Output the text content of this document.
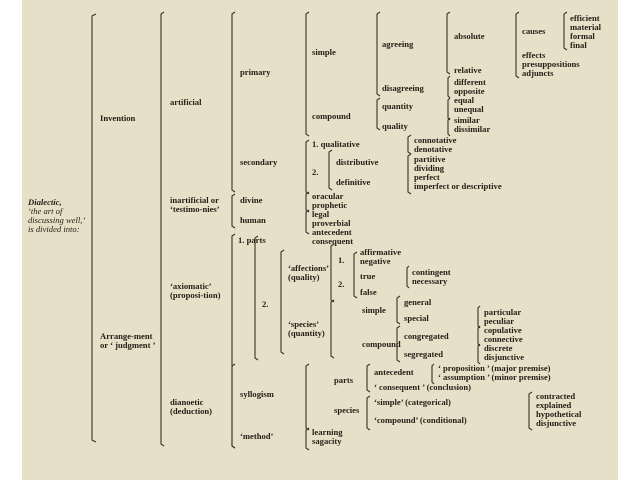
Dialectic,
‘the art of discussing well,’ is divided into:
Invention
Arrange-ment or ‘ judgment ’
artificial
primary
simple
agreeing
absolute	causes
efficient
material
formal
final
effects
presuppositions
adjuncts
relative
disagreeing
different
opposite
compound
quantity
equal
unequal
quality
similar
dissimilar
secondary
1. qualitative	connotative
denotative
2.
distributive
definitive
partitive
dividing
perfect
imperfect or descriptive
inartificial or ‘testimo-nies’
divine	oracular
prophetic
human
legal
proverbial
antecedent
consequent
‘axiomatic’ (proposi-tion)
1. parts
2.
‘affections’ (quality)
1.
affirmative
negative
true	contingent
necessary
2.
false
‘species’ (quantity)
simple
general
special
particular
peculiar
compound
congregated
copulative
connective
segregated
discrete
disjunctive
dianoetic (deduction)
syllogism
parts
antecedent	‘ proposition ’ (major premise)
‘ assumption ’ (minor premise)
‘ consequent ’ (conclusion)
species
‘simple’ (categorical)
‘compound’ (conditional)
contracted
explained
hypothetical
disjunctive
‘method’	learning
sagacity
